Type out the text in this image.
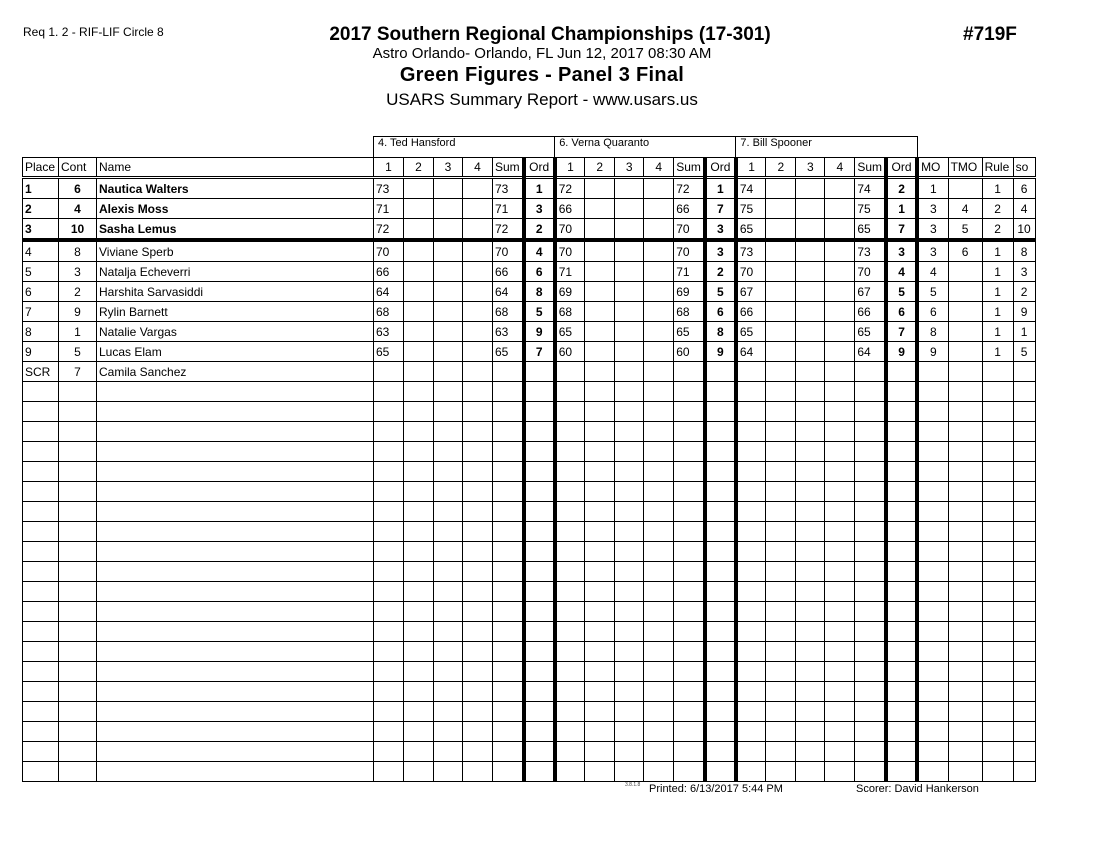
Req 1. 2 - RIF-LIF Circle 8	2017 Southern Regional Championships (17-301)	#719F
Astro Orlando- Orlando, FL Jun 12, 2017 08:30 AM
Green Figures - Panel 3 Final
USARS Summary Report - www.usars.us
			4. Ted Hansford						6. Verna Quaranto						7. Bill Spooner									
Place	Cont	Name	1	2	3	4	Sum	Ord	1	2	3	4	Sum	Ord	1	2	3	4	Sum	Ord	MO	TMO	Rule	so
1	6	Nautica Walters	73				73	1	72				72	1	74				74	2	1		1	6
2	4	Alexis Moss	71				71	3	66				66	7	75				75	1	3	4	2	4
3	10	Sasha Lemus	72				72	2	70				70	3	65				65	7	3	5	2	10
4	8	Viviane Sperb	70				70	4	70				70	3	73				73	3	3	6	1	8
5	3	Natalja Echeverri	66				66	6	71				71	2	70				70	4	4		1	3
6	2	Harshita Sarvasiddi	64				64	8	69				69	5	67				67	5	5		1	2
7	9	Rylin Barnett	68				68	5	68				68	6	66				66	6	6		1	9
8	1	Natalie Vargas	63				63	9	65				65	8	65				65	7	8		1	1
9	5	Lucas Elam	65				65	7	60				60	9	64				64	9	9		1	5
SCR	7	Camila Sanchez																						

3.8.1.8 Printed: 6/13/2017 5:44 PM	Scorer: David Hankerson
